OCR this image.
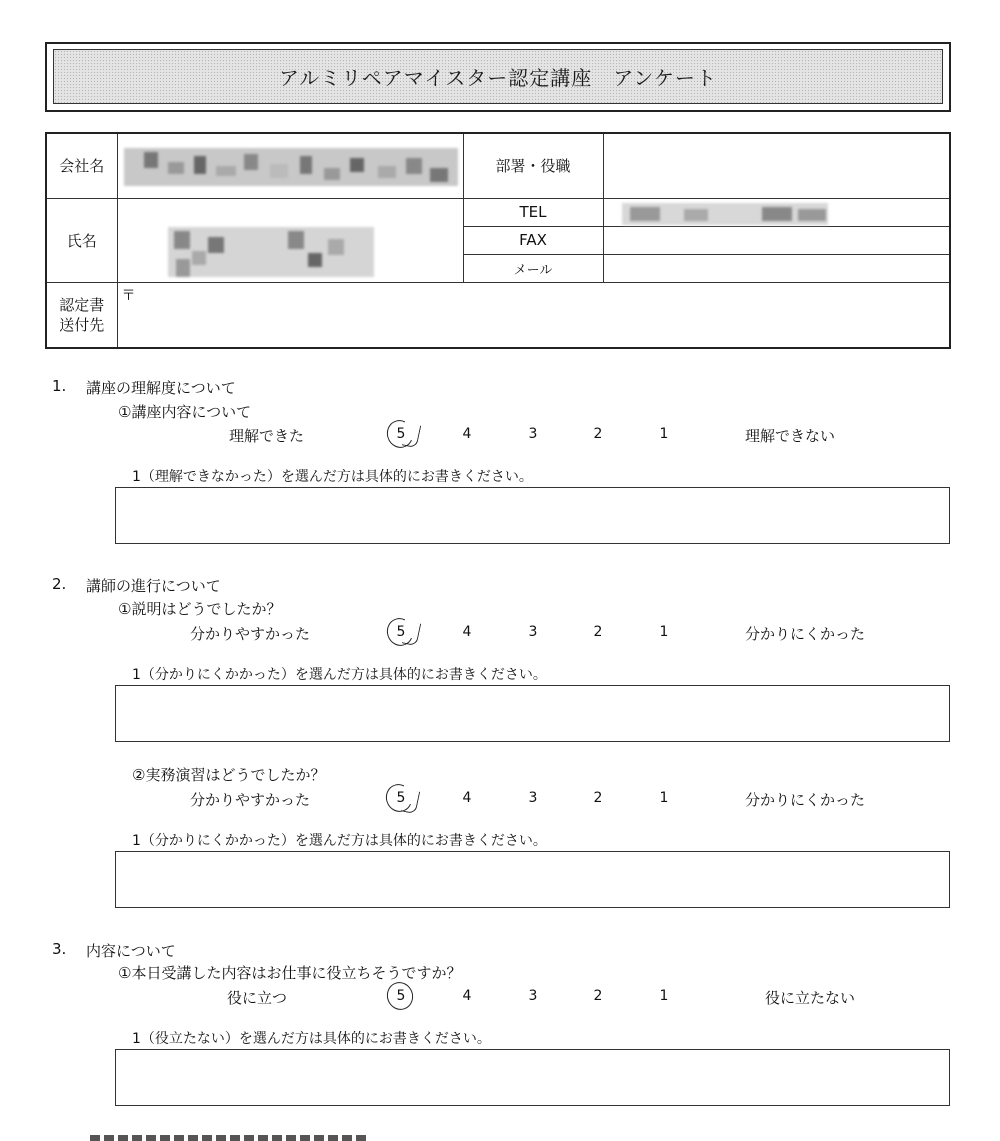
アルミリペアマイスター認定講座　アンケート
会社名		部署・役職	
氏名		TEL	

		FAX	
		メール	
認定書送付先	〒		
1. 講座の理解度について
①講座内容について
理解できた	5	4	3	2	1	理解できない
1（理解できなかった）を選んだ方は具体的にお書きください。
2. 講師の進行について
①説明はどうでしたか？
分かりやすかった	5	4	3	2	1	分かりにくかった
1（分かりにくかかった）を選んだ方は具体的にお書きください。
②実務演習はどうでしたか？
分かりやすかった	5	4	3	2	1	分かりにくかった
1（分かりにくかかった）を選んだ方は具体的にお書きください。
3. 内容について
①本日受講した内容はお仕事に役立ちそうですか？
役に立つ	5	4	3	2	1	役に立たない
1（役立たない）を選んだ方は具体的にお書きください。
